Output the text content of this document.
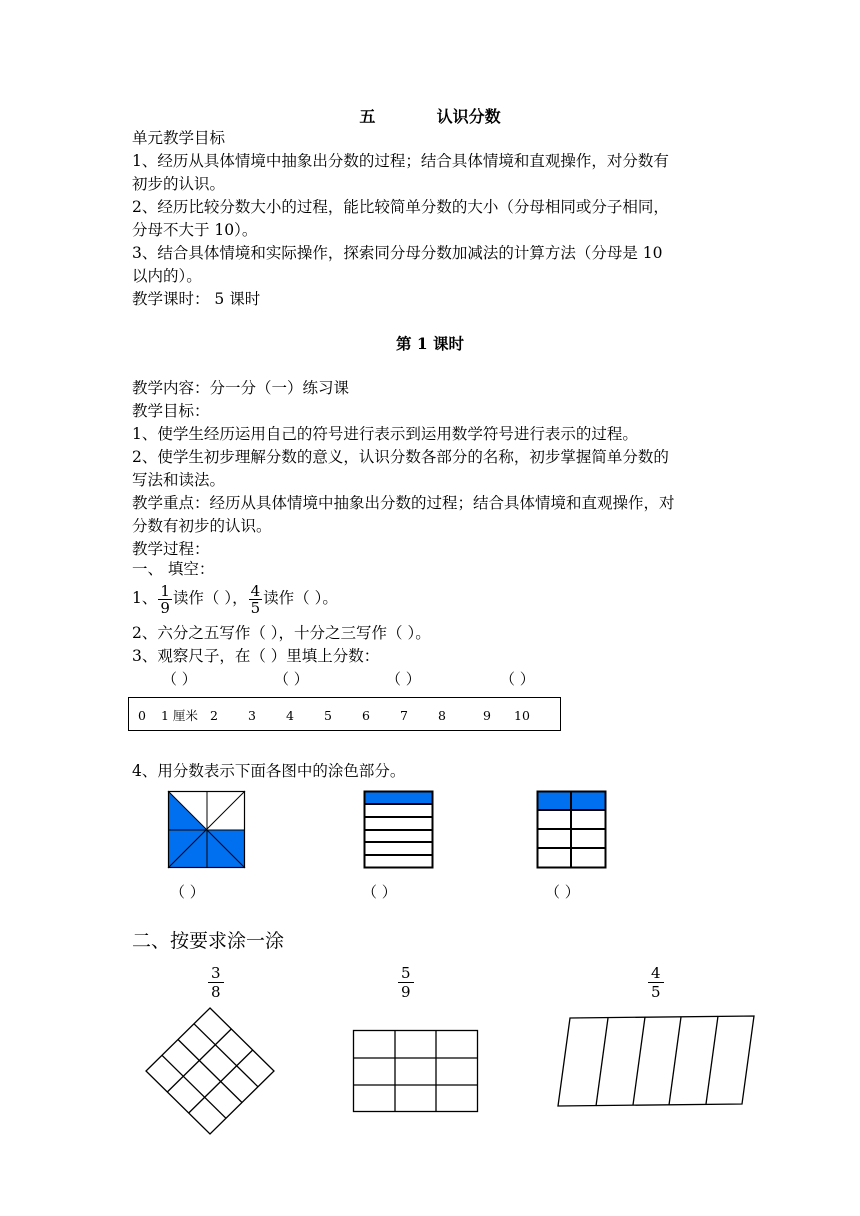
五	认识分数
单元教学目标
1、经历从具体情境中抽象出分数的过程；结合具体情境和直观操作，对分数有
初步的认识。
2、经历比较分数大小的过程，能比较简单分数的大小（分母相同或分子相同，
分母不大于 10）。
3、结合具体情境和实际操作，探索同分母分数加减法的计算方法（分母是 10
以内的）。
教学课时： 5 课时
第 1 课时
教学内容：分一分（一）练习课
教学目标：
1、使学生经历运用自己的符号进行表示到运用数学符号进行表示的过程。
2、使学生初步理解分数的意义，认识分数各部分的名称，初步掌握简单分数的
写法和读法。
教学重点：经历从具体情境中抽象出分数的过程；结合具体情境和直观操作，对
分数有初步的认识。
教学过程：
一、 填空：
1、 $\frac{1}{9}$ 读作（ ）， $\frac{4}{5}$ 读作（ ）。
2、六分之五写作（ ），十分之三写作（ ）。
3、观察尺子，在（ ）里填上分数：
（ ）	（ ）	（ ）	（ ）
0 1 厘米 2 3 4 5 6 7 8	9 10
4、用分数表示下面各图中的涂色部分。
（ ）	（ ）	（ ）
二、按要求涂一涂
$\frac{3}{8}$	$\frac{5}{9}$	$\frac{4}{5}$
